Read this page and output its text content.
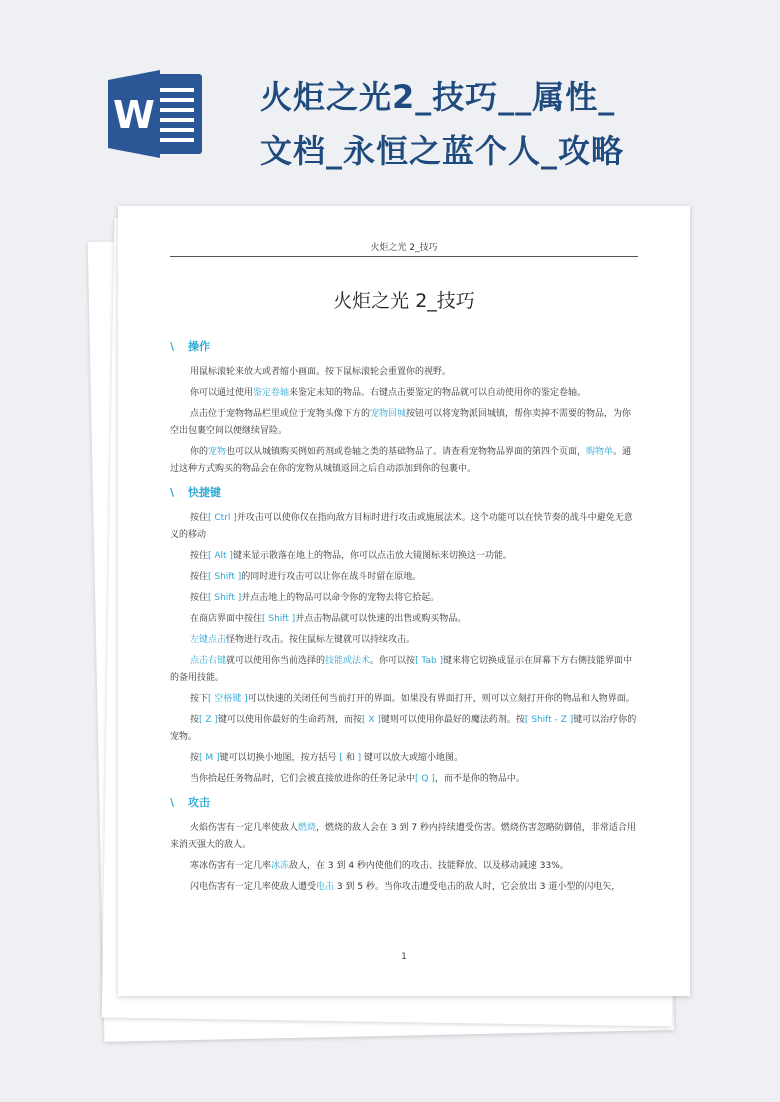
W	火炬之光2_技巧__属性_
文档_永恒之蓝个人_攻略
火炬之光 2_技巧
火炬之光 2_技巧
\ 操作
用鼠标滚轮来放大或者缩小画面。按下鼠标滚轮会重置你的视野。
你可以通过使用鉴定卷轴来鉴定未知的物品。右键点击要鉴定的物品就可以自动使用你的鉴定卷轴。
点击位于宠物物品栏里或位于宠物头像下方的宠物回城按钮可以将宠物派回城镇，帮你卖掉不需要的物品，为你空出包裹空间以便继续冒险。
你的宠物也可以从城镇购买例如药剂或卷轴之类的基础物品了。请查看宠物物品界面的第四个页面，购物单。通过这种方式购买的物品会在你的宠物从城镇返回之后自动添加到你的包裹中。
\ 快捷键
按住[ Ctrl ]并攻击可以使你仅在指向敌方目标时进行攻击或施展法术。这个功能可以在快节奏的战斗中避免无意义的移动
按住[ Alt ]键来显示散落在地上的物品，你可以点击放大镜图标来切换这一功能。
按住[ Shift ]的同时进行攻击可以让你在战斗时留在原地。
按住[ Shift ]并点击地上的物品可以命令你的宠物去将它拾起。
在商店界面中按住[ Shift ]并点击物品就可以快速的出售或购买物品。
左键点击怪物进行攻击。按住鼠标左键就可以持续攻击。
点击右键就可以使用你当前选择的技能或法术。你可以按[ Tab ]键来将它切换成显示在屏幕下方右侧技能界面中的备用技能。
按下[ 空格键 ]可以快速的关闭任何当前打开的界面。如果没有界面打开，则可以立刻打开你的物品和人物界面。
按[ Z ]键可以使用你最好的生命药剂，而按[ X ]键则可以使用你最好的魔法药剂。按[ Shift - Z ]键可以治疗你的宠物。
按[ M ]键可以切换小地图，按方括号 [ 和 ] 键可以放大或缩小地图。
当你拾起任务物品时，它们会被直接放进你的任务记录中[ Q ]，而不是你的物品中。
\ 攻击
火焰伤害有一定几率使敌人燃烧，燃烧的敌人会在 3 到 7 秒内持续遭受伤害。燃烧伤害忽略防御值，非常适合用来消灭强大的敌人。
寒冰伤害有一定几率冰冻敌人，在 3 到 4 秒内使他们的攻击、技能释放、以及移动减速 33%。
闪电伤害有一定几率使敌人遭受电击 3 到 5 秒。当你攻击遭受电击的敌人时，它会放出 3 道小型的闪电矢，
1
